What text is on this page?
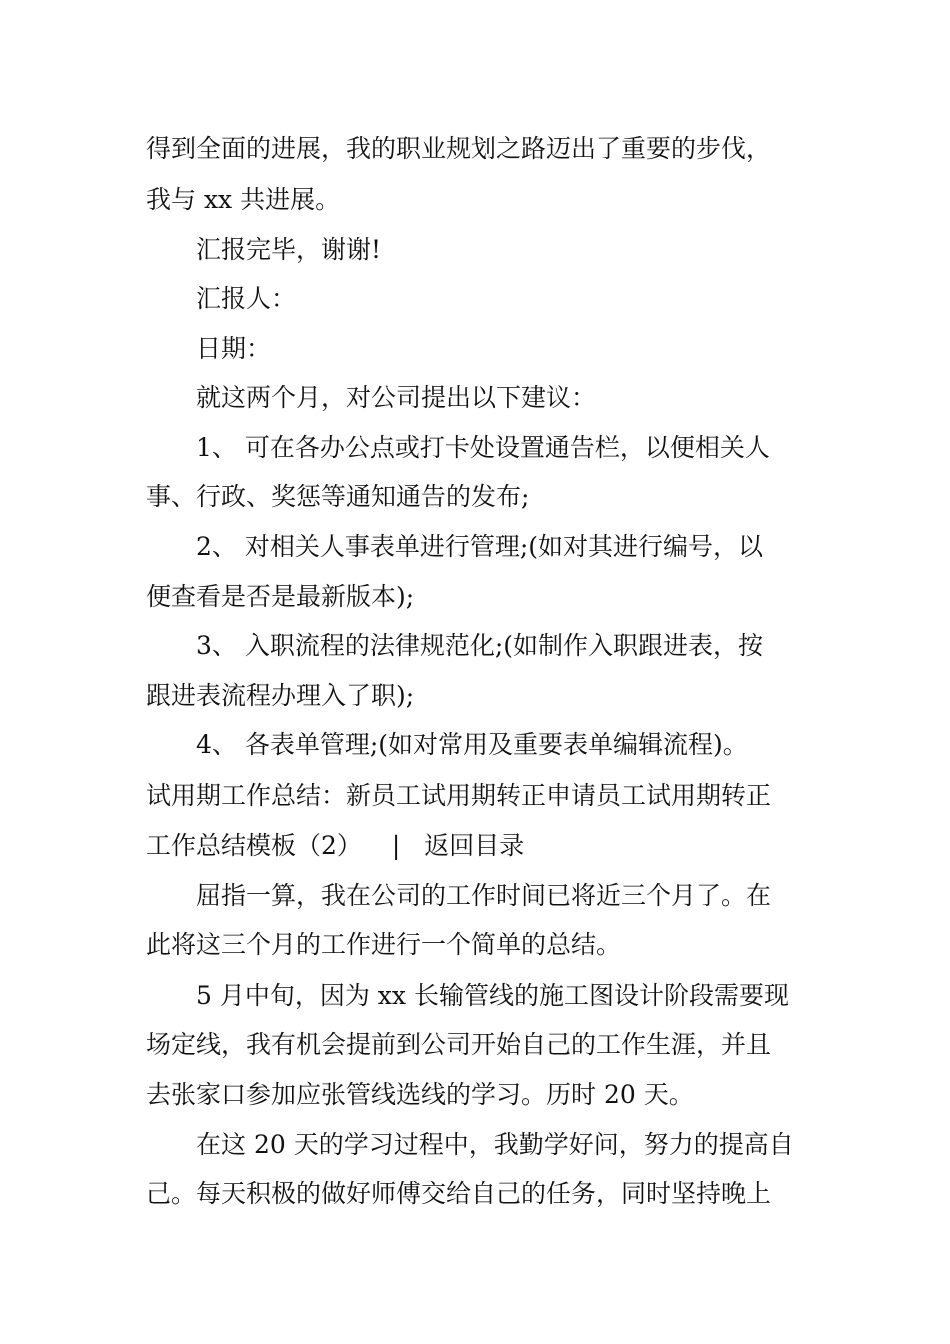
得到全面的进展，我的职业规划之路迈出了重要的步伐，
我与 xx 共进展。
汇报完毕，谢谢!
汇报人：
日期：
就这两个月，对公司提出以下建议：
1、 可在各办公点或打卡处设置通告栏，以便相关人
事、行政、奖惩等通知通告的发布;
2、 对相关人事表单进行管理;(如对其进行编号，以
便查看是否是最新版本);
3、 入职流程的法律规范化;(如制作入职跟进表，按
跟进表流程办理入了职);
4、 各表单管理;(如对常用及重要表单编辑流程)。
试用期工作总结：新员工试用期转正申请员工试用期转正
工作总结模板（2） | 返回目录
屈指一算，我在公司的工作时间已将近三个月了。在
此将这三个月的工作进行一个简单的总结。
5 月中旬，因为 xx 长输管线的施工图设计阶段需要现
场定线，我有机会提前到公司开始自己的工作生涯，并且
去张家口参加应张管线选线的学习。历时 20 天。
在这 20 天的学习过程中，我勤学好问，努力的提高自
己。每天积极的做好师傅交给自己的任务，同时坚持晚上
